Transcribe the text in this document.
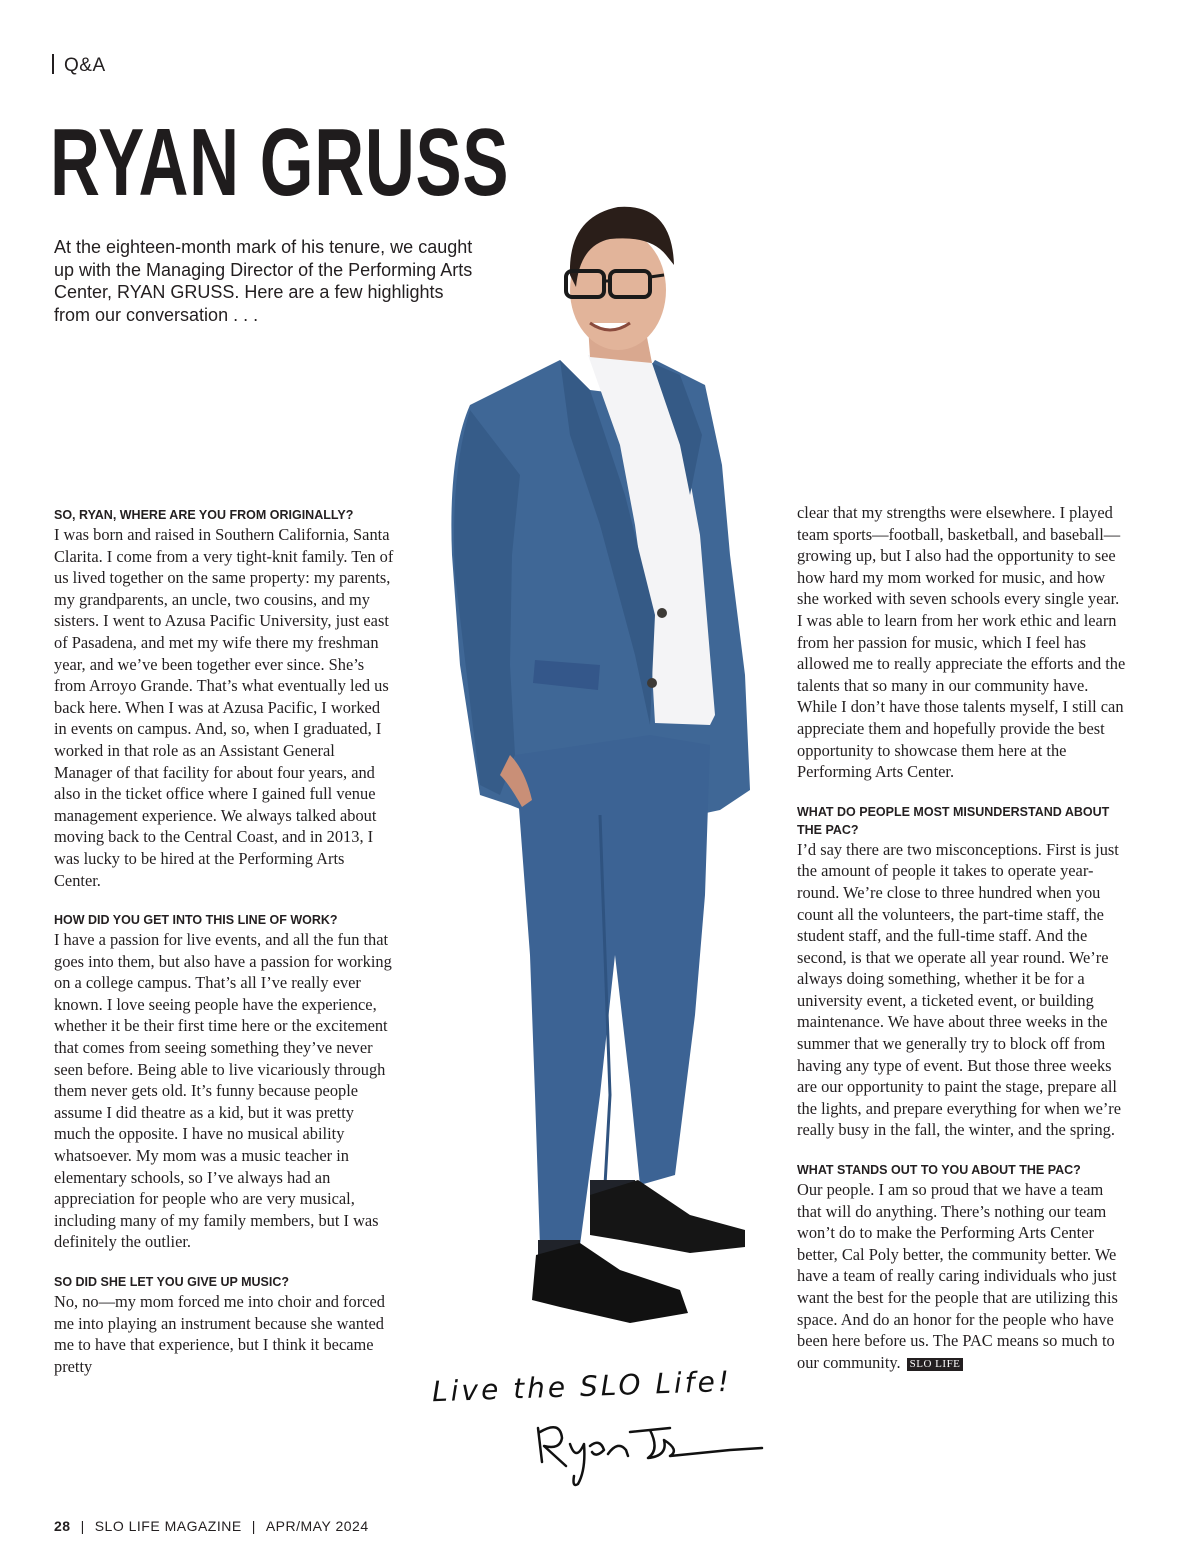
Q&A
RYAN GRUSS
At the eighteen-month mark of his tenure, we caught up with the Managing Director of the Performing Arts Center, RYAN GRUSS. Here are a few highlights from our conversation . . .

SO, RYAN, WHERE ARE YOU FROM ORIGINALLY?

I was born and raised in Southern California, Santa Clarita. I come from a very tight-knit family. Ten of us lived together on the same property: my parents, my grandparents, an uncle, two cousins, and my sisters. I went to Azusa Pacific University, just east of Pasadena, and met my wife there my freshman year, and we’ve been together ever since. She’s from Arroyo Grande. That’s what eventually led us back here. When I was at Azusa Pacific, I worked in events on campus. And, so, when I graduated, I worked in that role as an Assistant General Manager of that facility for about four years, and also in the ticket office where I gained full venue management experience. We always talked about moving back to the Central Coast, and in 2013, I was lucky to be hired at the Performing Arts Center.

HOW DID YOU GET INTO THIS LINE OF WORK?

I have a passion for live events, and all the fun that goes into them, but also have a passion for working on a college campus. That’s all I’ve really ever known. I love seeing people have the experience, whether it be their first time here or the excitement that comes from seeing something they’ve never seen before. Being able to live vicariously through them never gets old. It’s funny because people assume I did theatre as a kid, but it was pretty much the opposite. I have no musical ability whatsoever. My mom was a music teacher in elementary schools, so I’ve always had an appreciation for people who are very musical, including many of my family members, but I was definitely the outlier.

SO DID SHE LET YOU GIVE UP MUSIC?

No, no—my mom forced me into choir and forced me into playing an instrument because she wanted me to have that experience, but I think it became pretty

clear that my strengths were elsewhere. I played team sports—football, basketball, and baseball—growing up, but I also had the opportunity to see how hard my mom worked for music, and how she worked with seven schools every single year. I was able to learn from her work ethic and learn from her passion for music, which I feel has allowed me to really appreciate the efforts and the talents that so many in our community have. While I don’t have those talents myself, I still can appreciate them and hopefully provide the best opportunity to showcase them here at the Performing Arts Center.

WHAT DO PEOPLE MOST MISUNDERSTAND ABOUT THE PAC?

I’d say there are two misconceptions. First is just the amount of people it takes to operate year-round. We’re close to three hundred when you count all the volunteers, the part-time staff, the student staff, and the full-time staff. And the second, is that we operate all year round. We’re always doing something, whether it be for a university event, a ticketed event, or building maintenance. We have about three weeks in the summer that we generally try to block off from having any type of event. But those three weeks are our opportunity to paint the stage, prepare all the lights, and prepare everything for when we’re really busy in the fall, the winter, and the spring.

WHAT STANDS OUT TO YOU ABOUT THE PAC?

Our people. I am so proud that we have a team that will do anything. There’s nothing our team won’t do to make the Performing Arts Center better, Cal Poly better, the community better. We have a team of really caring individuals who just want the best for the people that are utilizing this space. And do an honor for the people who have been here before us. The PAC means so much to our community. SLO LIFE

Live the SLO Life!
28 | SLO LIFE MAGAZINE | APR/MAY 2024
